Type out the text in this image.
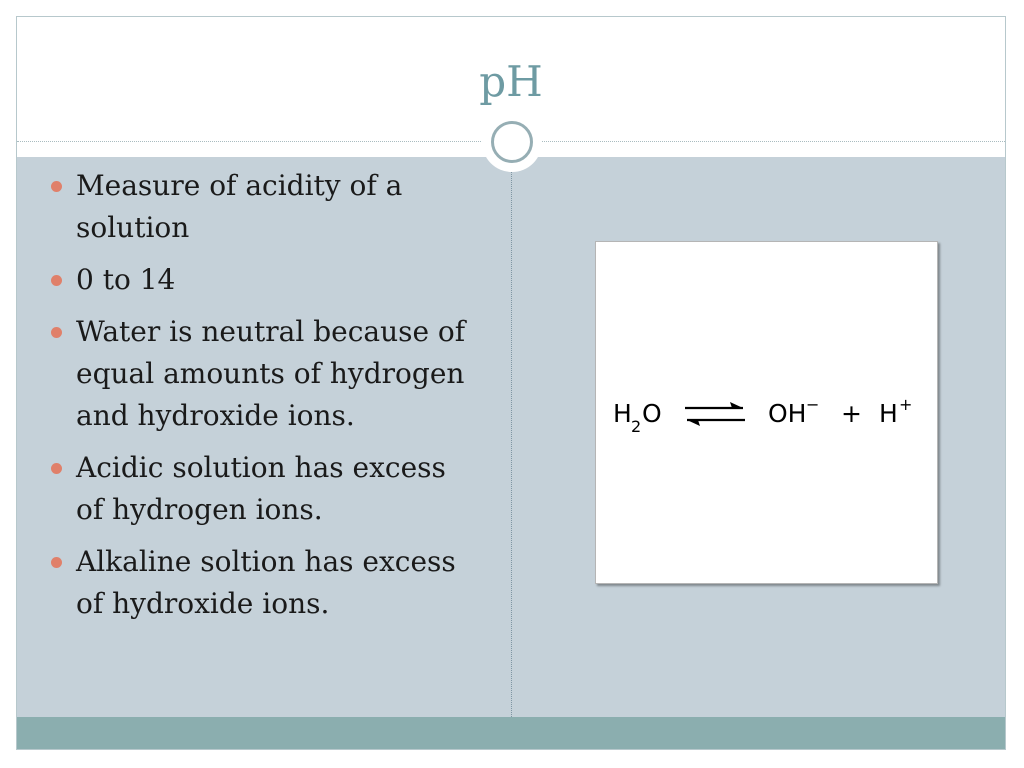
pH
Measure of acidity of a solution
0 to 14
Water is neutral because of equal amounts of hydrogen and hydroxide ions.
Acidic solution has excess of hydrogen ions.
Alkaline soltion has excess of hydroxide ions.
H 2 O	OH − + H +
